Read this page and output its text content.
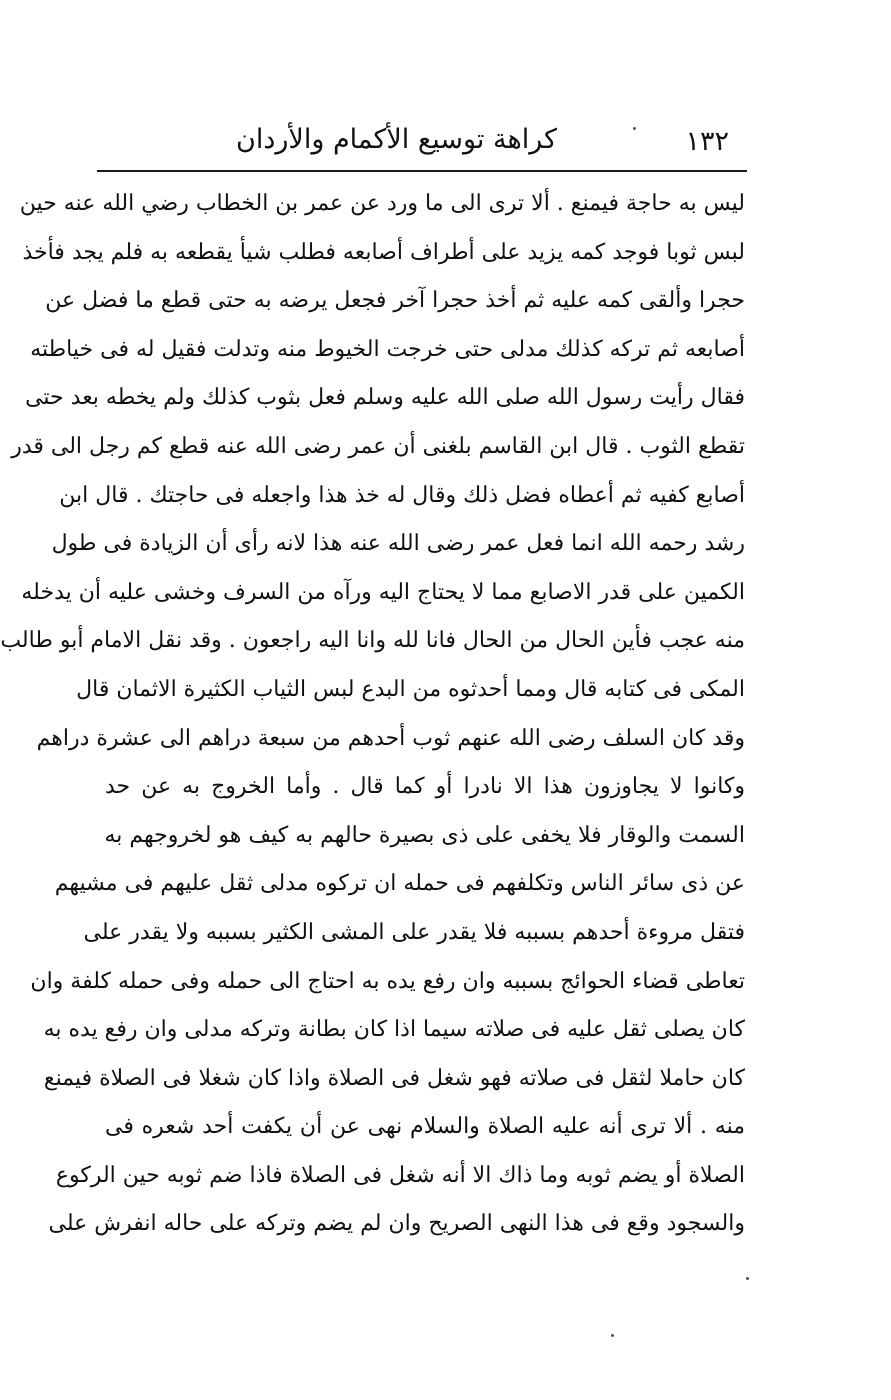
١٣٢
كراهة توسيع الأكمام والأردان
ليس به حاجة فيمنع . ألا ترى الى ما ورد عن عمر بن الخطاب رضي الله عنه حين
لبس ثوبا فوجد كمه يزيد على أطراف أصابعه فطلب شيأ يقطعه به فلم يجد فأخذ
حجرا وألقى كمه عليه ثم أخذ حجرا آخر فجعل يرضه به حتى قطع ما فضل عن
أصابعه ثم تركه كذلك مدلى حتى خرجت الخيوط منه وتدلت فقيل له فى خياطته
فقال رأيت رسول الله صلى الله عليه وسلم فعل بثوب كذلك ولم يخطه بعد حتى
تقطع الثوب . قال ابن القاسم بلغنى أن عمر رضى الله عنه قطع كم رجل الى قدر
أصابع كفيه ثم أعطاه فضل ذلك وقال له خذ هذا واجعله فى حاجتك . قال ابن
رشد رحمه الله انما فعل عمر رضى الله عنه هذا لانه رأى أن الزيادة فى طول
الكمين على قدر الاصابع مما لا يحتاج اليه ورآه من السرف وخشى عليه أن يدخله
منه عجب فأين الحال من الحال فانا لله وانا اليه راجعون . وقد نقل الامام أبو طالب
المكى فى كتابه قال ومما أحدثوه من البدع لبس الثياب الكثيرة الاثمان قال
وقد كان السلف رضى الله عنهم ثوب أحدهم من سبعة دراهم الى عشرة دراهم
وكانوا لا يجاوزون هذا الا نادرا أو كما قال . وأما الخروج به عن حد
السمت والوقار فلا يخفى على ذى بصيرة حالهم به كيف هو لخروجهم به
عن ذى سائر الناس وتكلفهم فى حمله ان تركوه مدلى ثقل عليهم فى مشيهم
فتقل مروءة أحدهم بسببه فلا يقدر على المشى الكثير بسببه ولا يقدر على
تعاطى قضاء الحوائج بسببه وان رفع يده به احتاج الى حمله وفى حمله كلفة وان
كان يصلى ثقل عليه فى صلاته سيما اذا كان بطانة وتركه مدلى وان رفع يده به
كان حاملا لثقل فى صلاته فهو شغل فى الصلاة واذا كان شغلا فى الصلاة فيمنع
منه . ألا ترى أنه عليه الصلاة والسلام نهى عن أن يكفت أحد شعره فى
الصلاة أو يضم ثوبه وما ذاك الا أنه شغل فى الصلاة فاذا ضم ثوبه حين الركوع
والسجود وقع فى هذا النهى الصريح وان لم يضم وتركه على حاله انفرش على
